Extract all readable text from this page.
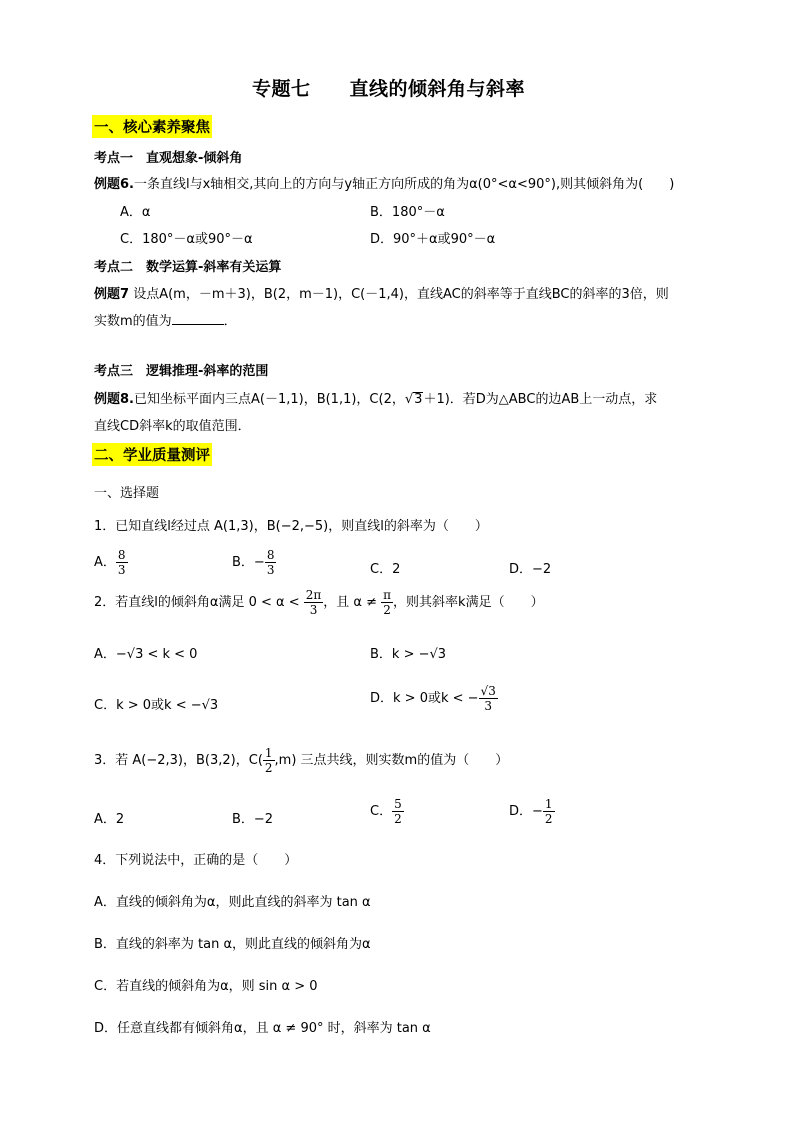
专题七　　直线的倾斜角与斜率
一、核心素养聚焦
考点一　直观想象-倾斜角
例题6.一条直线l与x轴相交,其向上的方向与y轴正方向所成的角为α(0°<α<90°),则其倾斜角为(　　)
A．α	B．180°－α
C．180°－α或90°－α	D．90°＋α或90°－α
考点二　数学运算-斜率有关运算
例题7 设点A(m，－m＋3)，B(2，m－1)，C(－1,4)，直线AC的斜率等于直线BC的斜率的3倍，则
实数m的值为	．
考点三　逻辑推理-斜率的范围
例题8.已知坐标平面内三点A(－1,1)，B(1,1)，C(2，√3＋1)．若D为△ABC的边AB上一动点，求
直线CD斜率k的取值范围．
二、学业质量测评
一、选择题
1．已知直线l经过点 A(1,3)，B(−2,−5)，则直线l的斜率为（　　）
A． $\frac{8}{3}$	B．− $\frac{8}{3}$	C．2	D．−2
2．若直线l的倾斜角α满足 $0 < \alpha < \frac{2\pi}{3}$ ，且 $\alpha \ne \frac{\pi}{2}$ ，则其斜率k满足（　　）
A．−√3 < k < 0	B．k > −√3
C．k > 0或k < −√3	D．k > 0或k < − $\frac{√3}{3}$
3．若 A(−2,3)，B(3,2)，$C( \frac{1}{2} ,m)$ 三点共线，则实数m的值为（　　）
A．2	B．−2
C． $\frac{5}{2}$	D．− $\frac{1}{2}$
4．下列说法中，正确的是（　　）
A．直线的倾斜角为α，则此直线的斜率为 tan α
B．直线的斜率为 tan α，则此直线的倾斜角为α
C．若直线的倾斜角为α，则 sin α > 0
D．任意直线都有倾斜角α，且 α ≠ 90° 时，斜率为 tan α
